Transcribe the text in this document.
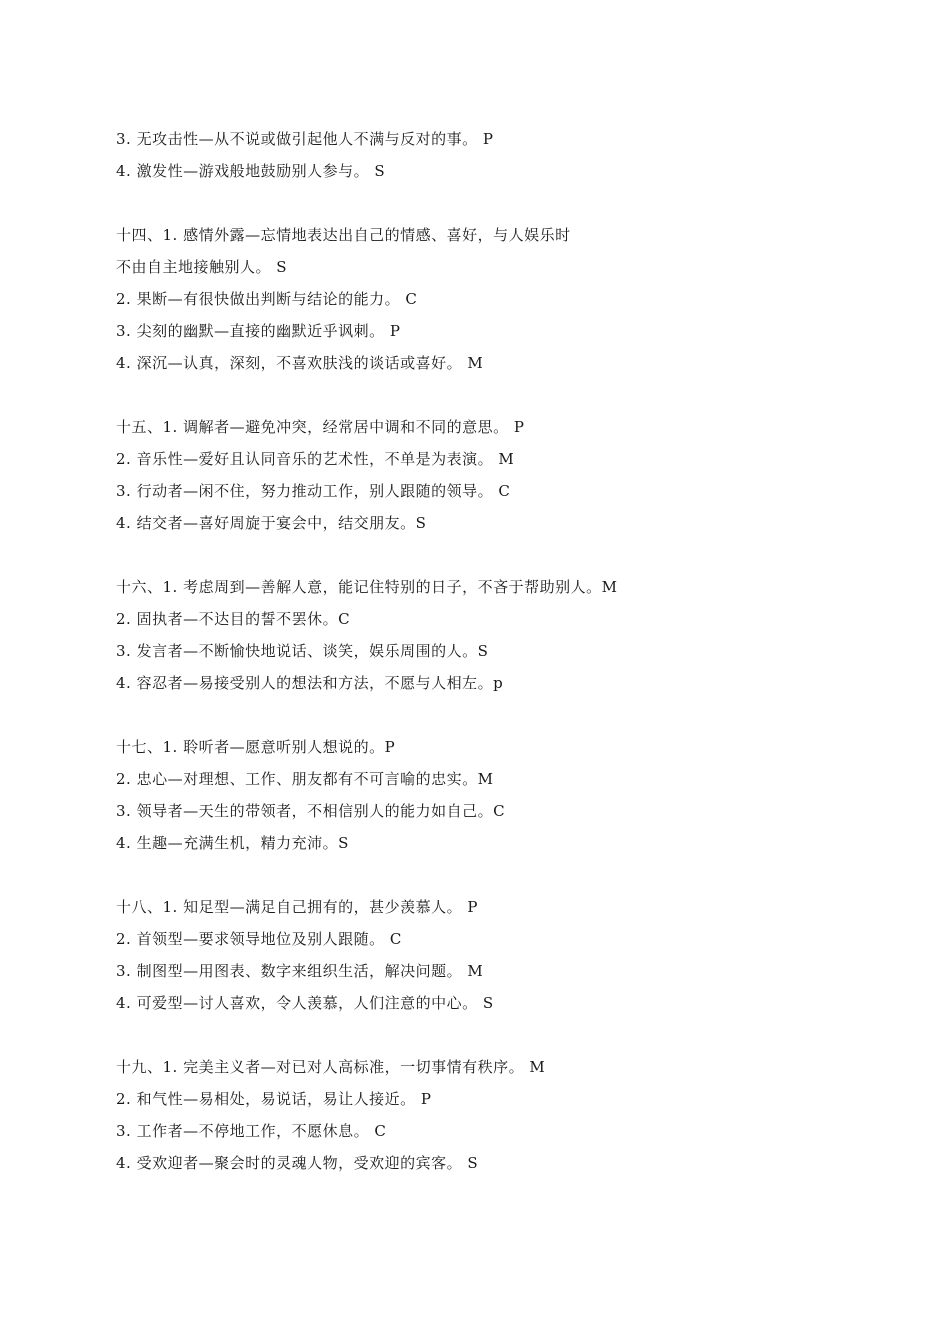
3. 无攻击性—从不说或做引起他人不满与反对的事。 P
4. 激发性—游戏般地鼓励别人参与。 S
十四、1. 感情外露—忘情地表达出自己的情感、喜好，与人娱乐时
不由自主地接触别人。 S
2. 果断—有很快做出判断与结论的能力。 C
3. 尖刻的幽默—直接的幽默近乎讽刺。 P
4. 深沉—认真，深刻，不喜欢肤浅的谈话或喜好。 M
十五、1. 调解者—避免冲突，经常居中调和不同的意思。 P
2. 音乐性—爱好且认同音乐的艺术性，不单是为表演。 M
3. 行动者—闲不住，努力推动工作，别人跟随的领导。 C
4. 结交者—喜好周旋于宴会中，结交朋友。S
十六、1. 考虑周到—善解人意，能记住特别的日子，不吝于帮助别人。M
2. 固执者—不达目的誓不罢休。C
3. 发言者—不断愉快地说话、谈笑，娱乐周围的人。S
4. 容忍者—易接受别人的想法和方法，不愿与人相左。p
十七、1. 聆听者—愿意听别人想说的。P
2. 忠心—对理想、工作、朋友都有不可言喻的忠实。M
3. 领导者—天生的带领者，不相信别人的能力如自己。C
4. 生趣—充满生机，精力充沛。S
十八、1. 知足型—满足自己拥有的，甚少羡慕人。 P
2. 首领型—要求领导地位及别人跟随。 C
3. 制图型—用图表、数字来组织生活，解决问题。 M
4. 可爱型—讨人喜欢，令人羡慕，人们注意的中心。 S
十九、1. 完美主义者—对已对人高标准，一切事情有秩序。 M
2. 和气性—易相处，易说话，易让人接近。 P
3. 工作者—不停地工作，不愿休息。 C
4. 受欢迎者—聚会时的灵魂人物，受欢迎的宾客。 S
